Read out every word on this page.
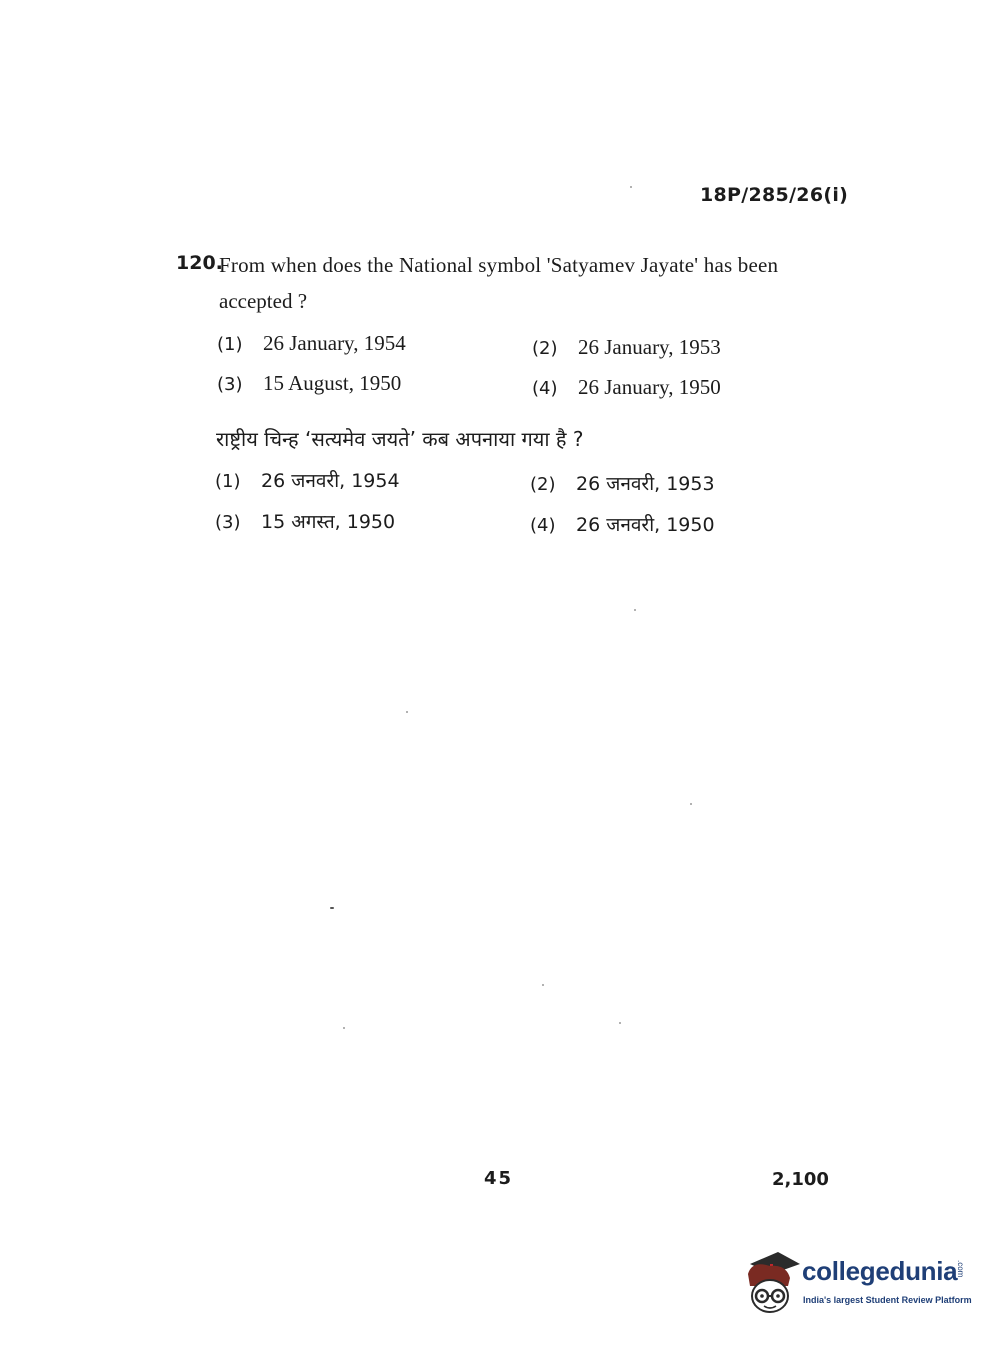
18P/285/26(i)
120.
From when does the National symbol 'Satyamev Jayate' has been
accepted ?
(1) 26 January, 1954	(2) 26 January, 1953
(3) 15 August, 1950	(4) 26 January, 1950
राष्ट्रीय चिन्ह ‘सत्यमेव जयते’ कब अपनाया गया है ?
(1) 26 जनवरी, 1954	(2) 26 जनवरी, 1953
(3) 15 अगस्त, 1950	(4) 26 जनवरी, 1950
45	2,100
collegedunia
.com
India's largest Student Review Platform
